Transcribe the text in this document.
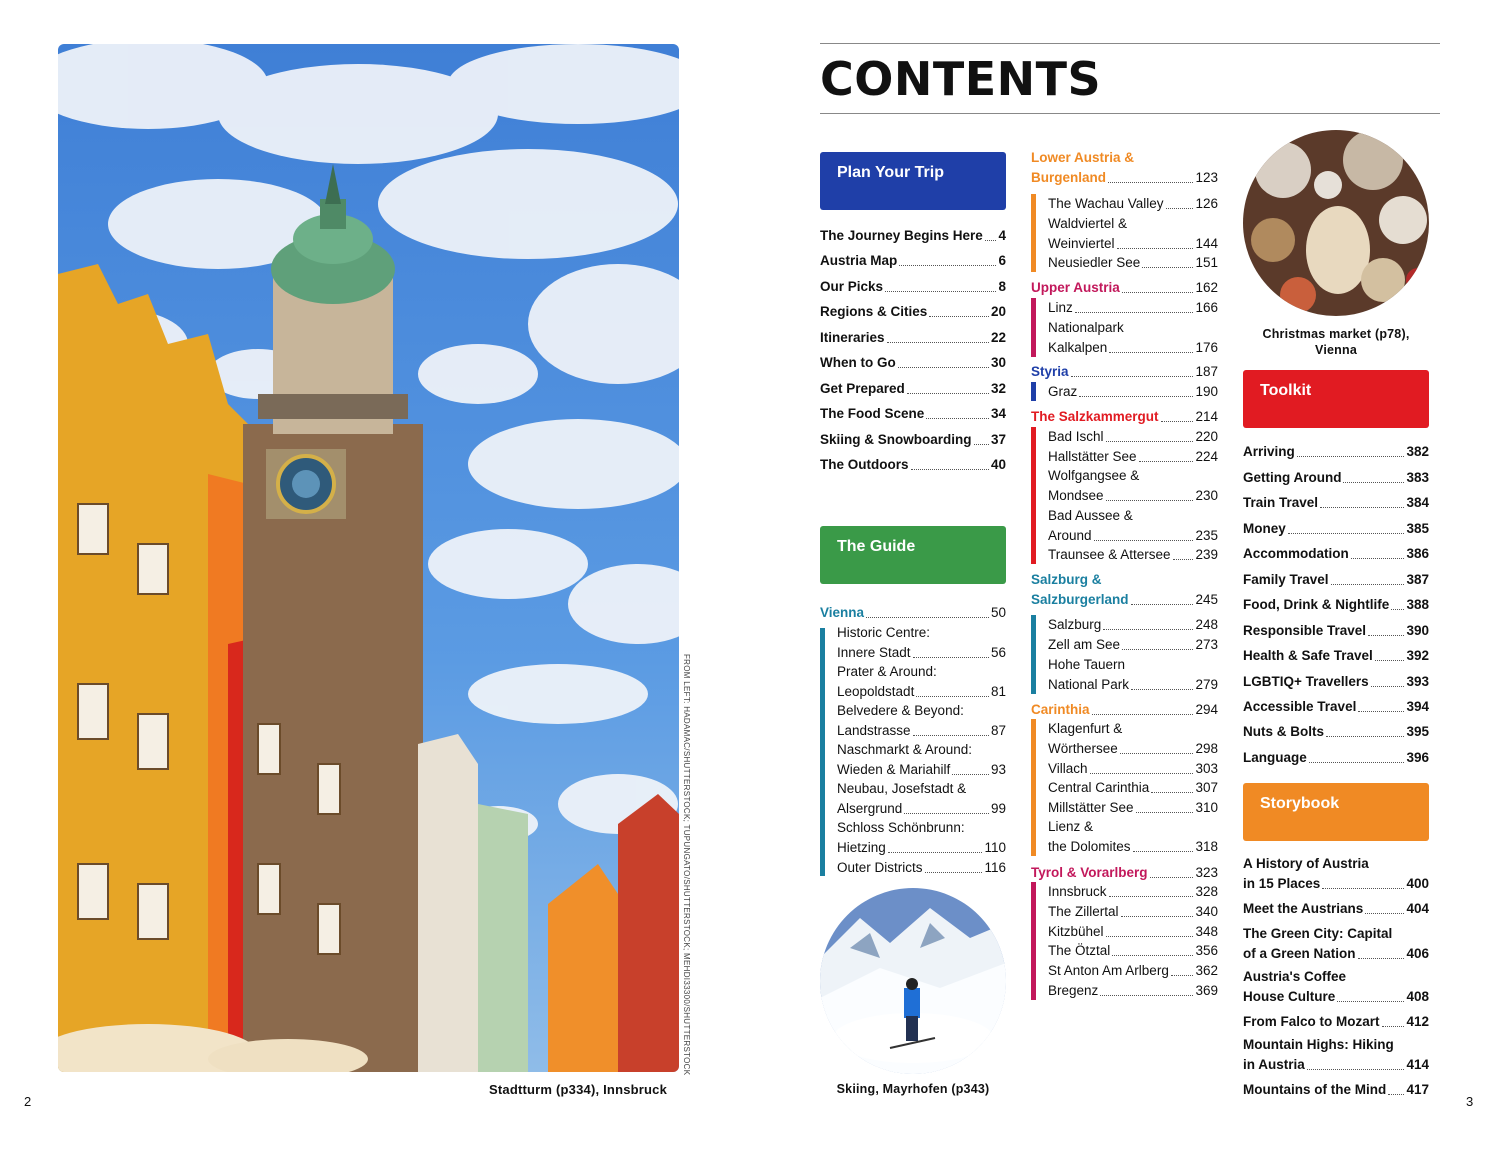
FROM LEFT: HADAMAC/SHUTTERSTOCK; TUPUNGATO/SHUTTERSTOCK; MEHDI33300/SHUTTERSTOCK
Stadtturm (p334), Innsbruck
2
CONTENTS
Plan Your Trip
The Journey Begins Here 4
Austria Map	6
Our Picks	8
Regions & Cities	20
Itineraries	22
When to Go	30
Get Prepared	32
The Food Scene	34
Skiing & Snowboarding 37
The Outdoors	40
The Guide
Vienna	50
Historic Centre:
Innere Stadt	56
Prater & Around:
Leopoldstadt	81
Belvedere & Beyond:
Landstrasse	87
Naschmarkt & Around:
Wieden & Mariahilf	93
Neubau, Josefstadt &
Alsergrund	99
Schloss Schönbrunn:
Hietzing	110
Outer Districts	116
Skiing, Mayrhofen (p343)
Lower Austria &
Burgenland	123
Upper Austria	162
Styria	187
The Salzkammergut	214
Salzburg &
Salzburgerland	245
Carinthia	294
Tyrol & Vorarlberg	323
The Wachau Valley 126
Waldviertel &
Weinviertel	144
Neusiedler See	151
Linz	166
Nationalpark
Kalkalpen	176
Graz	190
Bad Ischl	220
Hallstätter See	224
Wolfgangsee &
Mondsee	230
Bad Aussee &
Around	235
Traunsee & Attersee 239
Salzburg	248
Zell am See	273
Hohe Tauern
National Park	279
Klagenfurt &
Wörthersee	298
Villach	303
Central Carinthia	307
Millstätter See	310
Lienz &
the Dolomites	318
Innsbruck	328
The Zillertal	340
Kitzbühel	348
The Ötztal	356
St Anton Am Arlberg 362
Bregenz	369
Christmas market (p78),
Vienna
Toolkit
Arriving	382
Getting Around	383
Train Travel	384
Money	385
Accommodation	386
Family Travel	387
Food, Drink & Nightlife 388
Responsible Travel	390
Health & Safe Travel 392
LGBTIQ+ Travellers	393
Accessible Travel	394
Nuts & Bolts	395
Language	396
Storybook
A History of Austria
in 15 Places	400
Meet the Austrians	404
The Green City: Capital
of a Green Nation	406
Austria's Coffee
House Culture	408
From Falco to Mozart 412
Mountain Highs: Hiking
in Austria	414
Mountains of the Mind 417
3
